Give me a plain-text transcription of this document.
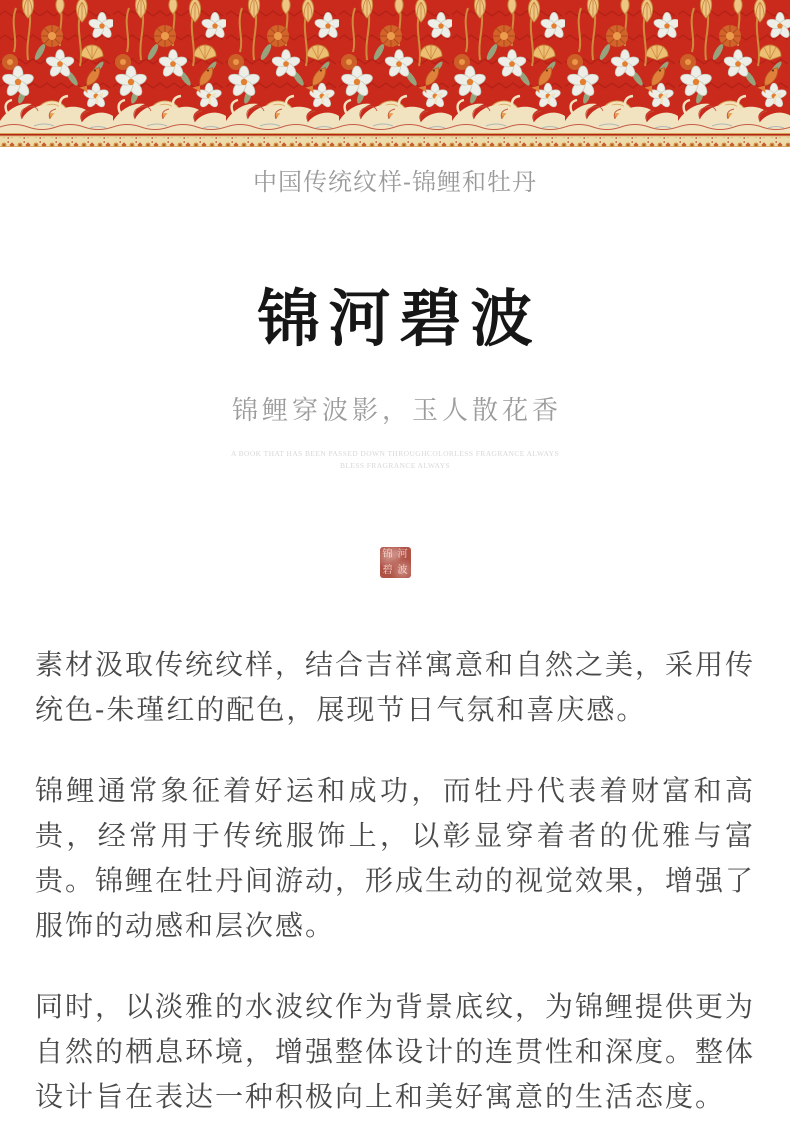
中国传统纹样-锦鲤和牡丹
锦河碧波
锦鲤穿波影，玉人散花香
A BOOK THAT HAS BEEN PASSED DOWN THROUGHCOLORLESS FRAGRANCE ALWAYS
BLESS FRAGRANCE ALWAYS
锦 河
碧 波

素材汲取传统纹样，结合吉祥寓意和自然之美，采用传统色-朱瑾红的配色，展现节日气氛和喜庆感。

锦鲤通常象征着好运和成功，而牡丹代表着财富和高贵，经常用于传统服饰上，以彰显穿着者的优雅与富贵。锦鲤在牡丹间游动，形成生动的视觉效果，增强了服饰的动感和层次感。

同时，以淡雅的水波纹作为背景底纹，为锦鲤提供更为自然的栖息环境，增强整体设计的连贯性和深度。整体设计旨在表达一种积极向上和美好寓意的生活态度。
